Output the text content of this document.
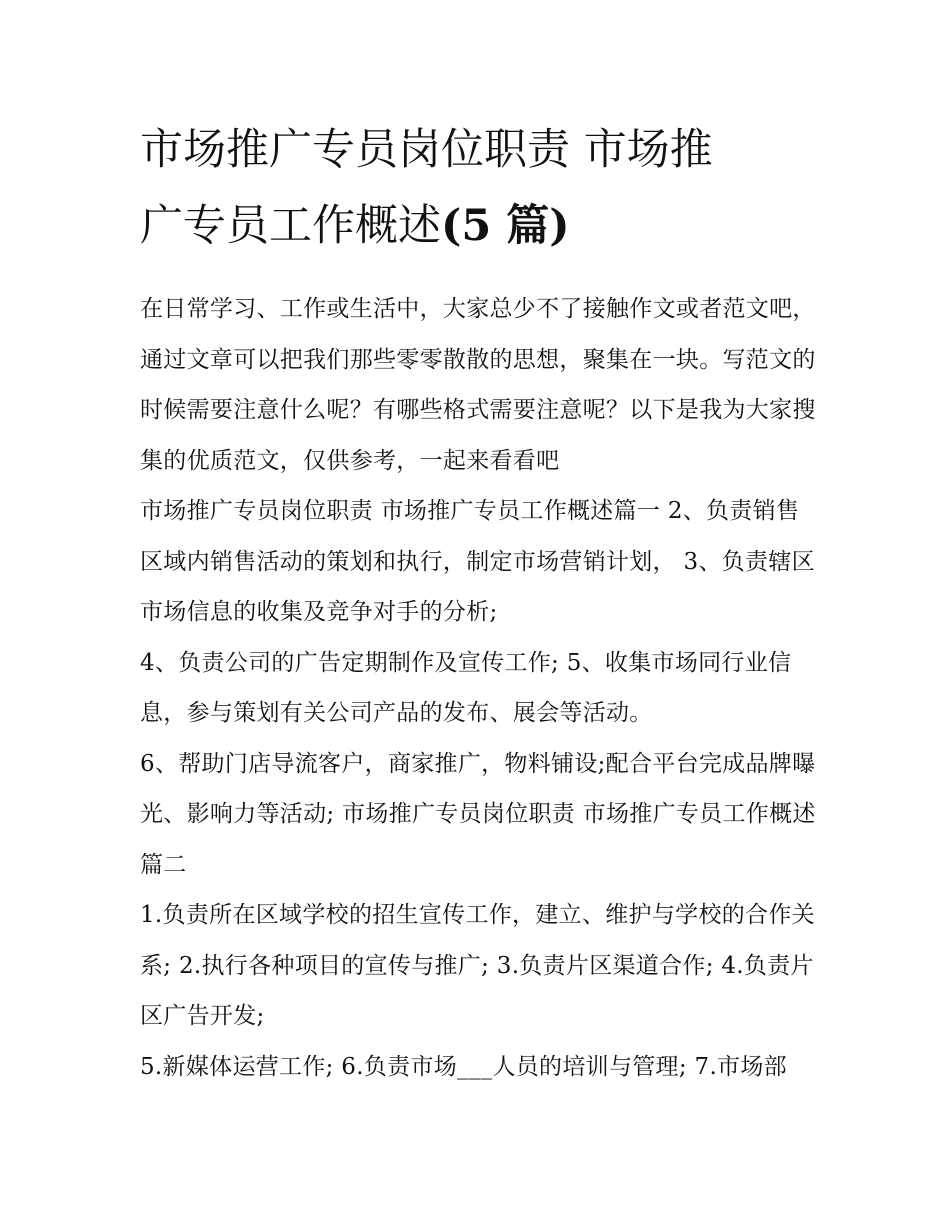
市场推广专员岗位职责 市场推
广专员工作概述(5 篇)

在日常学习、工作或生活中，大家总少不了接触作文或者范文吧，通过文章可以把我们那些零零散散的思想，聚集在一块。写范文的时候需要注意什么呢？有哪些格式需要注意呢？以下是我为大家搜集的优质范文，仅供参考，一起来看看吧

市场推广专员岗位职责 市场推广专员工作概述篇一 2、负责销售区域内销售活动的策划和执行，制定市场营销计划， 3、负责辖区市场信息的收集及竞争对手的分析;

4、负责公司的广告定期制作及宣传工作; 5、收集市场同行业信息，参与策划有关公司产品的发布、展会等活动。

6、帮助门店导流客户，商家推广，物料铺设;配合平台完成品牌曝光、影响力等活动; 市场推广专员岗位职责 市场推广专员工作概述篇二

1.负责所在区域学校的招生宣传工作，建立、维护与学校的合作关系; 2.执行各种项目的宣传与推广; 3.负责片区渠道合作; 4.负责片区广告开发;

5.新媒体运营工作; 6.负责市场___人员的培训与管理; 7.市场部
